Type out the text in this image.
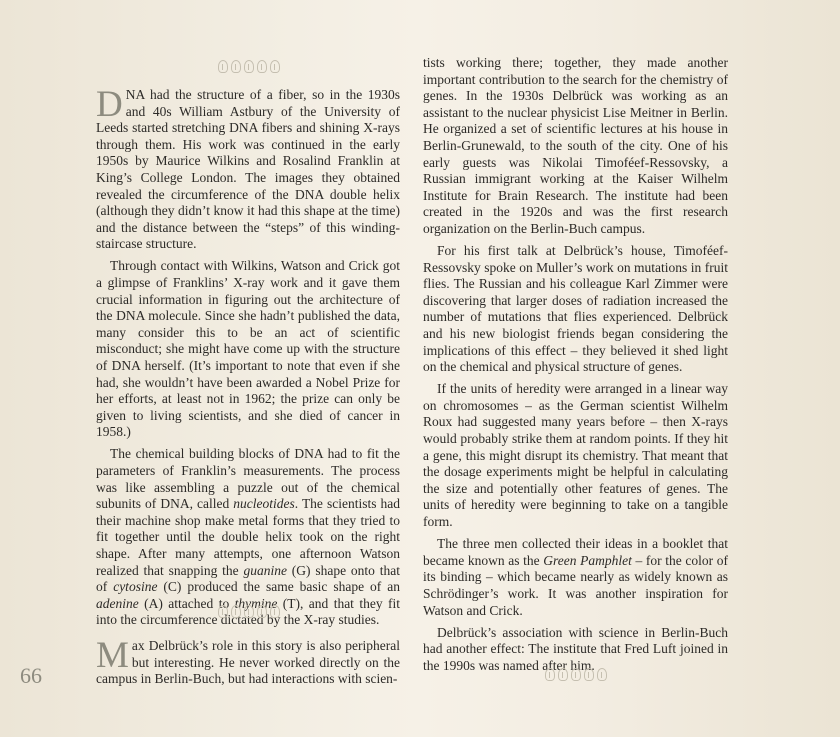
DNA had the structure of a fiber, so in the 1930s and 40s William Astbury of the University of Leeds started stretching DNA fibers and shining X-rays through them. His work was continued in the early 1950s by Maurice Wilkins and Rosalind Franklin at King’s College London. The images they obtained revealed the circumference of the DNA double helix (although they didn’t know it had this shape at the time) and the distance between the “steps” of this winding-staircase structure.

Through contact with Wilkins, Watson and Crick got a glimpse of Franklins’ X-ray work and it gave them crucial information in figuring out the architecture of the DNA molecule. Since she hadn’t published the data, many consider this to be an act of scientific misconduct; she might have come up with the structure of DNA herself. (It’s important to note that even if she had, she wouldn’t have been awarded a Nobel Prize for her efforts, at least not in 1962; the prize can only be given to living scientists, and she died of cancer in 1958.)

The chemical building blocks of DNA had to fit the parameters of Franklin’s measurements. The process was like assembling a puzzle out of the chemical subunits of DNA, called nucleotides. The scientists had their machine shop make metal forms that they tried to fit together until the double helix took on the right shape. After many attempts, one afternoon Watson realized that snapping the guanine (G) shape onto that of cytosine (C) produced the same basic shape of an adenine (A) attached to thymine (T), and that they fit into the circumference dictated by the X-ray studies.

Max Delbrück’s role in this story is also peripheral but interesting. He never worked directly on the campus in Berlin-Buch, but had interactions with scien-

66

tists working there; together, they made another important contribution to the search for the chemistry of genes. In the 1930s Delbrück was working as an assistant to the nuclear physicist Lise Meitner in Berlin. He organized a set of scientific lectures at his house in Berlin-Grunewald, to the south of the city. One of his early guests was Nikolai Timoféef-Ressovsky, a Russian immigrant working at the Kaiser Wilhelm Institute for Brain Research. The institute had been created in the 1920s and was the first research organization on the Berlin-Buch campus.

For his first talk at Delbrück’s house, Timoféef-Ressovsky spoke on Muller’s work on mutations in fruit flies. The Russian and his colleague Karl Zimmer were discovering that larger doses of radiation increased the number of mutations that flies experienced. Delbrück and his new biologist friends began considering the implications of this effect – they believed it shed light on the chemical and physical structure of genes.

If the units of heredity were arranged in a linear way on chromosomes – as the German scientist Wilhelm Roux had suggested many years before – then X-rays would probably strike them at random points. If they hit a gene, this might disrupt its chemistry. That meant that the dosage experiments might be helpful in calculating the size and potentially other features of genes. The units of heredity were beginning to take on a tangible form.

The three men collected their ideas in a booklet that became known as the Green Pamphlet – for the color of its binding – which became nearly as widely known as Schrödinger’s work. It was another inspiration for Watson and Crick.

Delbrück’s association with science in Berlin-Buch had another effect: The institute that Fred Luft joined in the 1990s was named after him.
